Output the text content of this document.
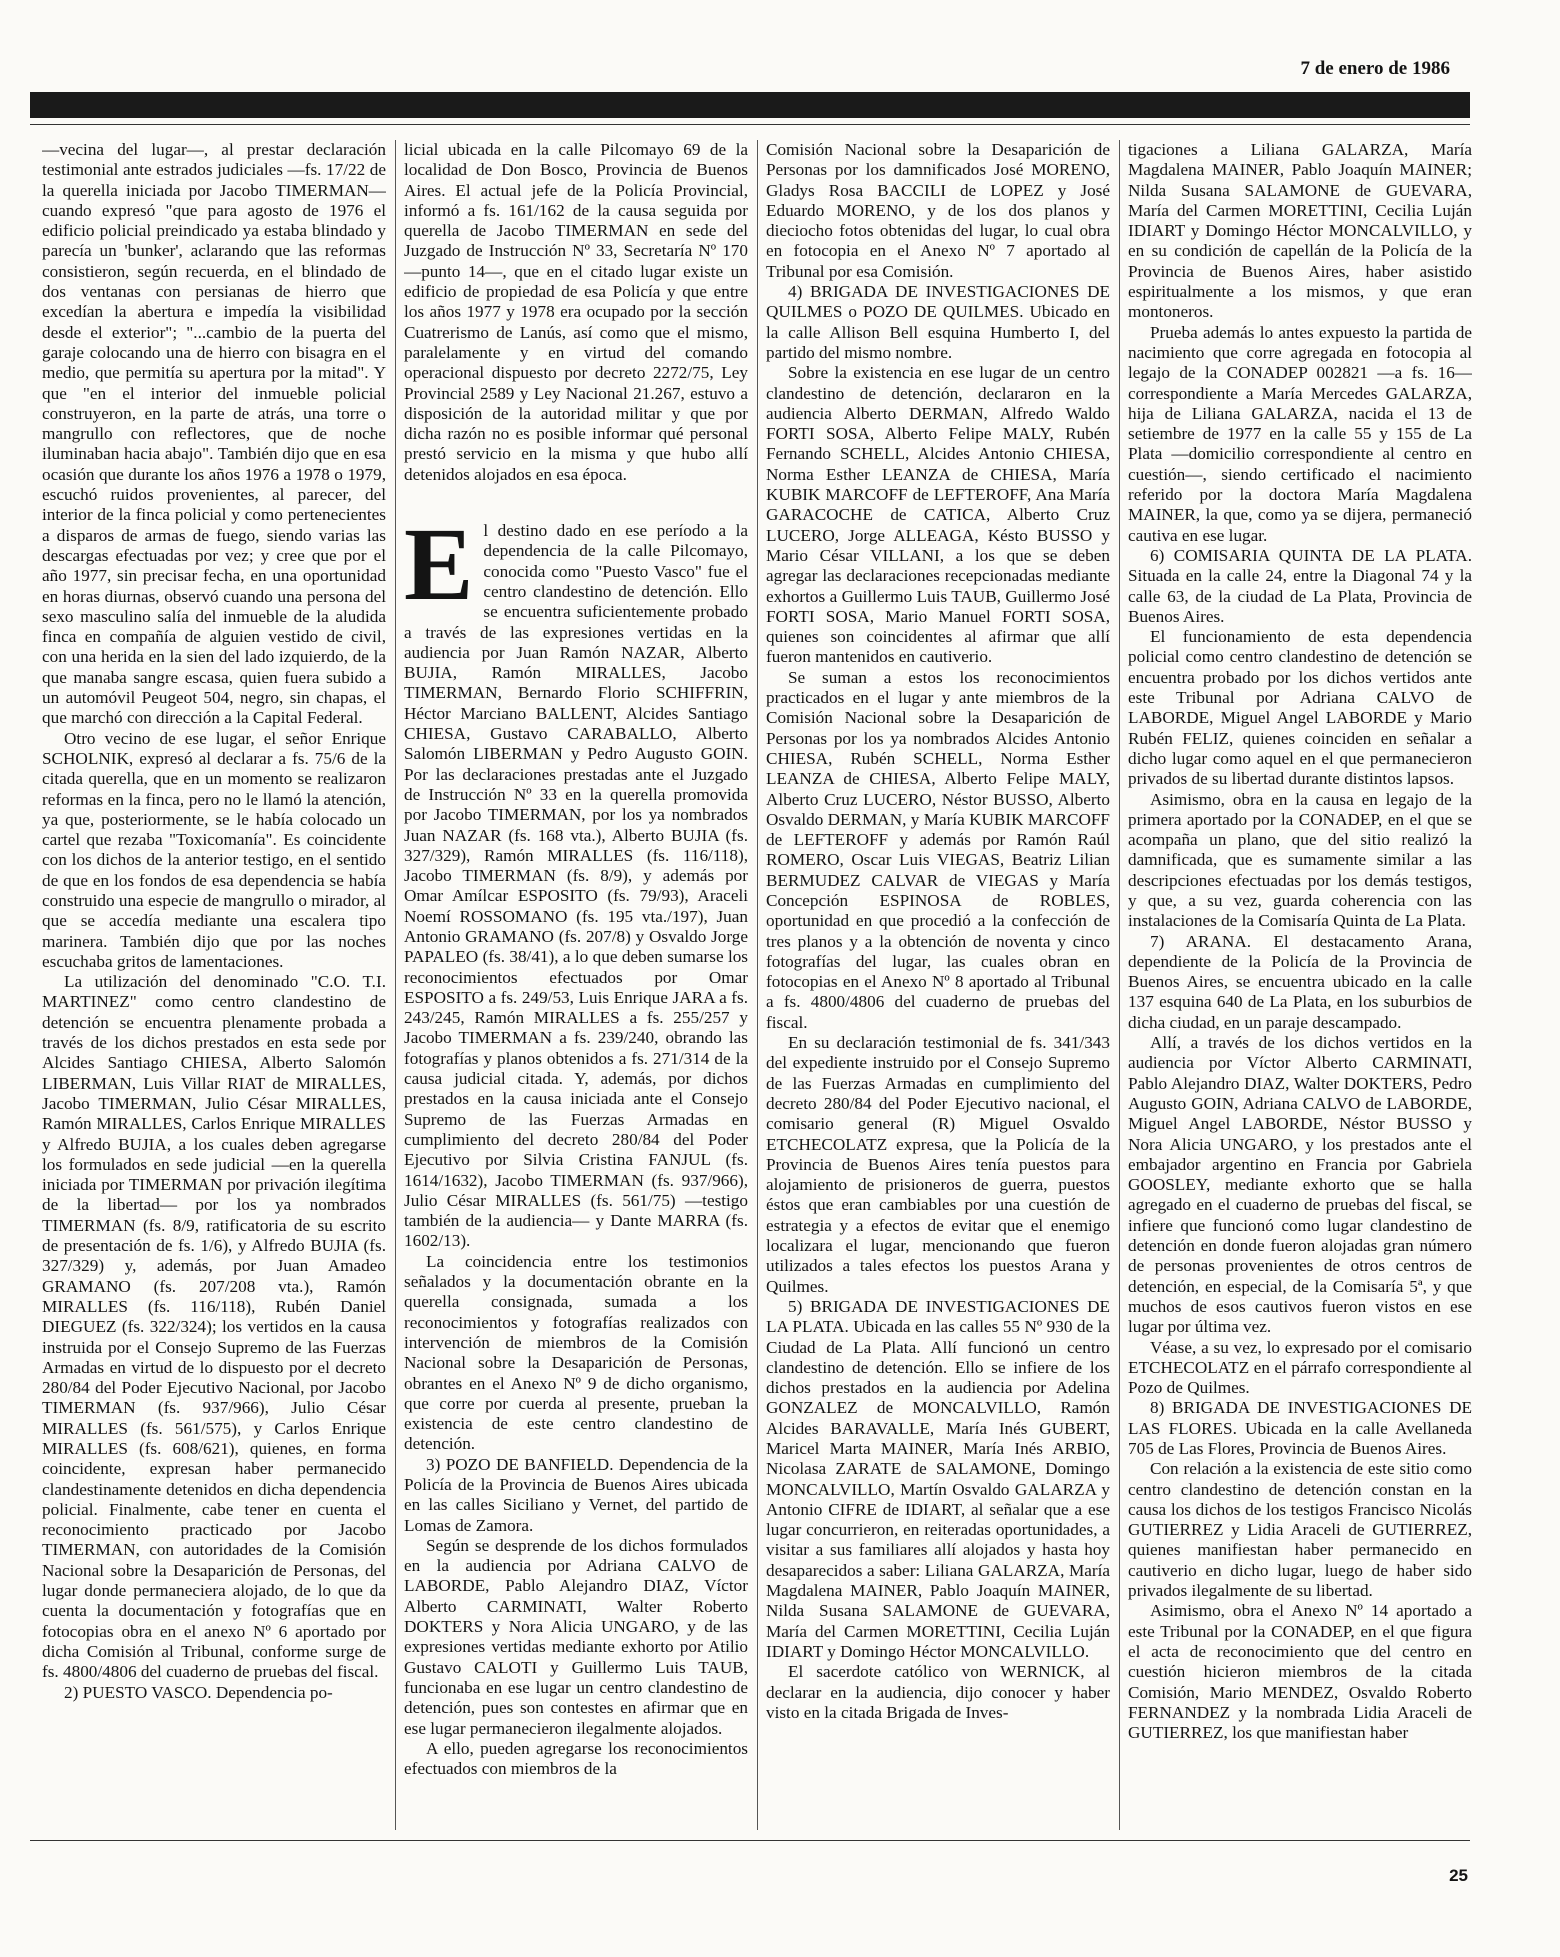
7 de enero de 1986

—vecina del lugar—, al prestar declaración testimonial ante estrados judiciales —fs. 17/22 de la querella iniciada por Jacobo TIMERMAN— cuando expresó "que para agosto de 1976 el edificio policial preindicado ya estaba blindado y parecía un 'bunker', aclarando que las reformas consistieron, según recuerda, en el blindado de dos ventanas con persianas de hierro que excedían la abertura e impedía la visibilidad desde el exterior"; "...cambio de la puerta del garaje colocando una de hierro con bisagra en el medio, que permitía su apertura por la mitad". Y que "en el interior del inmueble policial construyeron, en la parte de atrás, una torre o mangrullo con reflectores, que de noche iluminaban hacia abajo". También dijo que en esa ocasión que durante los años 1976 a 1978 o 1979, escuchó ruidos provenientes, al parecer, del interior de la finca policial y como pertenecientes a disparos de armas de fuego, siendo varias las descargas efectuadas por vez; y cree que por el año 1977, sin precisar fecha, en una oportunidad en horas diurnas, observó cuando una persona del sexo masculino salía del inmueble de la aludida finca en compañía de alguien vestido de civil, con una herida en la sien del lado izquierdo, de la que manaba sangre escasa, quien fuera subido a un automóvil Peugeot 504, negro, sin chapas, el que marchó con dirección a la Capital Federal.

Otro vecino de ese lugar, el señor Enrique SCHOLNIK, expresó al declarar a fs. 75/6 de la citada querella, que en un momento se realizaron reformas en la finca, pero no le llamó la atención, ya que, posteriormente, se le había colocado un cartel que rezaba "Toxicomanía". Es coincidente con los dichos de la anterior testigo, en el sentido de que en los fondos de esa dependencia se había construido una especie de mangrullo o mirador, al que se accedía mediante una escalera tipo marinera. También dijo que por las noches escuchaba gritos de lamentaciones.

La utilización del denominado "C.O. T.I. MARTINEZ" como centro clandestino de detención se encuentra plenamente probada a través de los dichos prestados en esta sede por Alcides Santiago CHIESA, Alberto Salomón LIBERMAN, Luis Villar RIAT de MIRALLES, Jacobo TIMERMAN, Julio César MIRALLES, Ramón MIRALLES, Carlos Enrique MIRALLES y Alfredo BUJIA, a los cuales deben agregarse los formulados en sede judicial —en la querella iniciada por TIMERMAN por privación ilegítima de la libertad— por los ya nombrados TIMERMAN (fs. 8/9, ratificatoria de su escrito de presentación de fs. 1/6), y Alfredo BUJIA (fs. 327/329) y, además, por Juan Amadeo GRAMANO (fs. 207/208 vta.), Ramón MIRALLES (fs. 116/118), Rubén Daniel DIEGUEZ (fs. 322/324); los vertidos en la causa instruida por el Consejo Supremo de las Fuerzas Armadas en virtud de lo dispuesto por el decreto 280/84 del Poder Ejecutivo Nacional, por Jacobo TIMERMAN (fs. 937/966), Julio César MIRALLES (fs. 561/575), y Carlos Enrique MIRALLES (fs. 608/621), quienes, en forma coincidente, expresan haber permanecido clandestinamente detenidos en dicha dependencia policial. Finalmente, cabe tener en cuenta el reconocimiento practicado por Jacobo TIMERMAN, con autoridades de la Comisión Nacional sobre la Desaparición de Personas, del lugar donde permaneciera alojado, de lo que da cuenta la documentación y fotografías que en fotocopias obra en el anexo Nº 6 aportado por dicha Comisión al Tribunal, conforme surge de fs. 4800/4806 del cuaderno de pruebas del fiscal.

2) PUESTO VASCO. Dependencia po-

licial ubicada en la calle Pilcomayo 69 de la localidad de Don Bosco, Provincia de Buenos Aires. El actual jefe de la Policía Provincial, informó a fs. 161/162 de la causa seguida por querella de Jacobo TIMERMAN en sede del Juzgado de Instrucción Nº 33, Secretaría Nº 170 —punto 14—, que en el citado lugar existe un edificio de propiedad de esa Policía y que entre los años 1977 y 1978 era ocupado por la sección Cuatrerismo de Lanús, así como que el mismo, paralelamente y en virtud del comando operacional dispuesto por decreto 2272/75, Ley Provincial 2589 y Ley Nacional 21.267, estuvo a disposición de la autoridad militar y que por dicha razón no es posible informar qué personal prestó servicio en la misma y que hubo allí detenidos alojados en esa época.

E l destino dado en ese período a la dependencia de la calle Pilcomayo, conocida como "Puesto Vasco" fue el centro clandestino de detención. Ello se encuentra suficientemente probado a través de las expresiones vertidas en la audiencia por Juan Ramón NAZAR, Alberto BUJIA, Ramón MIRALLES, Jacobo TIMERMAN, Bernardo Florio SCHIFFRIN, Héctor Marciano BALLENT, Alcides Santiago CHIESA, Gustavo CARABALLO, Alberto Salomón LIBERMAN y Pedro Augusto GOIN. Por las declaraciones prestadas ante el Juzgado de Instrucción Nº 33 en la querella promovida por Jacobo TIMERMAN, por los ya nombrados Juan NAZAR (fs. 168 vta.), Alberto BUJIA (fs. 327/329), Ramón MIRALLES (fs. 116/118), Jacobo TIMERMAN (fs. 8/9), y además por Omar Amílcar ESPOSITO (fs. 79/93), Araceli Noemí ROSSOMANO (fs. 195 vta./197), Juan Antonio GRAMANO (fs. 207/8) y Osvaldo Jorge PAPALEO (fs. 38/41), a lo que deben sumarse los reconocimientos efectuados por Omar ESPOSITO a fs. 249/53, Luis Enrique JARA a fs. 243/245, Ramón MIRALLES a fs. 255/257 y Jacobo TIMERMAN a fs. 239/240, obrando las fotografías y planos obtenidos a fs. 271/314 de la causa judicial citada. Y, además, por dichos prestados en la causa iniciada ante el Consejo Supremo de las Fuerzas Armadas en cumplimiento del decreto 280/84 del Poder Ejecutivo por Silvia Cristina FANJUL (fs. 1614/1632), Jacobo TIMERMAN (fs. 937/966), Julio César MIRALLES (fs. 561/75) —testigo también de la audiencia— y Dante MARRA (fs. 1602/13).

La coincidencia entre los testimonios señalados y la documentación obrante en la querella consignada, sumada a los reconocimientos y fotografías realizados con intervención de miembros de la Comisión Nacional sobre la Desaparición de Personas, obrantes en el Anexo Nº 9 de dicho organismo, que corre por cuerda al presente, prueban la existencia de este centro clandestino de detención.

3) POZO DE BANFIELD. Dependencia de la Policía de la Provincia de Buenos Aires ubicada en las calles Siciliano y Vernet, del partido de Lomas de Zamora.

Según se desprende de los dichos formulados en la audiencia por Adriana CALVO de LABORDE, Pablo Alejandro DIAZ, Víctor Alberto CARMINATI, Walter Roberto DOKTERS y Nora Alicia UNGARO, y de las expresiones vertidas mediante exhorto por Atilio Gustavo CALOTI y Guillermo Luis TAUB, funcionaba en ese lugar un centro clandestino de detención, pues son contestes en afirmar que en ese lugar permanecieron ilegalmente alojados.

A ello, pueden agregarse los reconocimientos efectuados con miembros de la

Comisión Nacional sobre la Desaparición de Personas por los damnificados José MORENO, Gladys Rosa BACCILI de LOPEZ y José Eduardo MORENO, y de los dos planos y dieciocho fotos obtenidas del lugar, lo cual obra en fotocopia en el Anexo Nº 7 aportado al Tribunal por esa Comisión.

4) BRIGADA DE INVESTIGACIONES DE QUILMES o POZO DE QUILMES. Ubicado en la calle Allison Bell esquina Humberto I, del partido del mismo nombre.

Sobre la existencia en ese lugar de un centro clandestino de detención, declararon en la audiencia Alberto DERMAN, Alfredo Waldo FORTI SOSA, Alberto Felipe MALY, Rubén Fernando SCHELL, Alcides Antonio CHIESA, Norma Esther LEANZA de CHIESA, María KUBIK MARCOFF de LEFTEROFF, Ana María GARACOCHE de CATICA, Alberto Cruz LUCERO, Jorge ALLEAGA, Késto BUSSO y Mario César VILLANI, a los que se deben agregar las declaraciones recepcionadas mediante exhortos a Guillermo Luis TAUB, Guillermo José FORTI SOSA, Mario Manuel FORTI SOSA, quienes son coincidentes al afirmar que allí fueron mantenidos en cautiverio.

Se suman a estos los reconocimientos practicados en el lugar y ante miembros de la Comisión Nacional sobre la Desaparición de Personas por los ya nombrados Alcides Antonio CHIESA, Rubén SCHELL, Norma Esther LEANZA de CHIESA, Alberto Felipe MALY, Alberto Cruz LUCERO, Néstor BUSSO, Alberto Osvaldo DERMAN, y María KUBIK MARCOFF de LEFTEROFF y además por Ramón Raúl ROMERO, Oscar Luis VIEGAS, Beatriz Lilian BERMUDEZ CALVAR de VIEGAS y María Concepción ESPINOSA de ROBLES, oportunidad en que procedió a la confección de tres planos y a la obtención de noventa y cinco fotografías del lugar, las cuales obran en fotocopias en el Anexo Nº 8 aportado al Tribunal a fs. 4800/4806 del cuaderno de pruebas del fiscal.

En su declaración testimonial de fs. 341/343 del expediente instruido por el Consejo Supremo de las Fuerzas Armadas en cumplimiento del decreto 280/84 del Poder Ejecutivo nacional, el comisario general (R) Miguel Osvaldo ETCHECOLATZ expresa, que la Policía de la Provincia de Buenos Aires tenía puestos para alojamiento de prisioneros de guerra, puestos éstos que eran cambiables por una cuestión de estrategia y a efectos de evitar que el enemigo localizara el lugar, mencionando que fueron utilizados a tales efectos los puestos Arana y Quilmes.

5) BRIGADA DE INVESTIGACIONES DE LA PLATA. Ubicada en las calles 55 Nº 930 de la Ciudad de La Plata. Allí funcionó un centro clandestino de detención. Ello se infiere de los dichos prestados en la audiencia por Adelina GONZALEZ de MONCALVILLO, Ramón Alcides BARAVALLE, María Inés GUBERT, Maricel Marta MAINER, María Inés ARBIO, Nicolasa ZARATE de SALAMONE, Domingo MONCALVILLO, Martín Osvaldo GALARZA y Antonio CIFRE de IDIART, al señalar que a ese lugar concurrieron, en reiteradas oportunidades, a visitar a sus familiares allí alojados y hasta hoy desaparecidos a saber: Liliana GALARZA, María Magdalena MAINER, Pablo Joaquín MAINER, Nilda Susana SALAMONE de GUEVARA, María del Carmen MORETTINI, Cecilia Luján IDIART y Domingo Héctor MONCALVILLO.

El sacerdote católico von WERNICK, al declarar en la audiencia, dijo conocer y haber visto en la citada Brigada de Inves-

tigaciones a Liliana GALARZA, María Magdalena MAINER, Pablo Joaquín MAINER; Nilda Susana SALAMONE de GUEVARA, María del Carmen MORETTINI, Cecilia Luján IDIART y Domingo Héctor MONCALVILLO, y en su condición de capellán de la Policía de la Provincia de Buenos Aires, haber asistido espiritualmente a los mismos, y que eran montoneros.

Prueba además lo antes expuesto la partida de nacimiento que corre agregada en fotocopia al legajo de la CONADEP 002821 —a fs. 16— correspondiente a María Mercedes GALARZA, hija de Liliana GALARZA, nacida el 13 de setiembre de 1977 en la calle 55 y 155 de La Plata —domicilio correspondiente al centro en cuestión—, siendo certificado el nacimiento referido por la doctora María Magdalena MAINER, la que, como ya se dijera, permaneció cautiva en ese lugar.

6) COMISARIA QUINTA DE LA PLATA. Situada en la calle 24, entre la Diagonal 74 y la calle 63, de la ciudad de La Plata, Provincia de Buenos Aires.

El funcionamiento de esta dependencia policial como centro clandestino de detención se encuentra probado por los dichos vertidos ante este Tribunal por Adriana CALVO de LABORDE, Miguel Angel LABORDE y Mario Rubén FELIZ, quienes coinciden en señalar a dicho lugar como aquel en el que permanecieron privados de su libertad durante distintos lapsos.

Asimismo, obra en la causa en legajo de la primera aportado por la CONADEP, en el que se acompaña un plano, que del sitio realizó la damnificada, que es sumamente similar a las descripciones efectuadas por los demás testigos, y que, a su vez, guarda coherencia con las instalaciones de la Comisaría Quinta de La Plata.

7) ARANA. El destacamento Arana, dependiente de la Policía de la Provincia de Buenos Aires, se encuentra ubicado en la calle 137 esquina 640 de La Plata, en los suburbios de dicha ciudad, en un paraje descampado.

Allí, a través de los dichos vertidos en la audiencia por Víctor Alberto CARMINATI, Pablo Alejandro DIAZ, Walter DOKTERS, Pedro Augusto GOIN, Adriana CALVO de LABORDE, Miguel Angel LABORDE, Néstor BUSSO y Nora Alicia UNGARO, y los prestados ante el embajador argentino en Francia por Gabriela GOOSLEY, mediante exhorto que se halla agregado en el cuaderno de pruebas del fiscal, se infiere que funcionó como lugar clandestino de detención en donde fueron alojadas gran número de personas provenientes de otros centros de detención, en especial, de la Comisaría 5ª, y que muchos de esos cautivos fueron vistos en ese lugar por última vez.

Véase, a su vez, lo expresado por el comisario ETCHECOLATZ en el párrafo correspondiente al Pozo de Quilmes.

8) BRIGADA DE INVESTIGACIONES DE LAS FLORES. Ubicada en la calle Avellaneda 705 de Las Flores, Provincia de Buenos Aires.

Con relación a la existencia de este sitio como centro clandestino de detención constan en la causa los dichos de los testigos Francisco Nicolás GUTIERREZ y Lidia Araceli de GUTIERREZ, quienes manifiestan haber permanecido en cautiverio en dicho lugar, luego de haber sido privados ilegalmente de su libertad.

Asimismo, obra el Anexo Nº 14 aportado a este Tribunal por la CONADEP, en el que figura el acta de reconocimiento que del centro en cuestión hicieron miembros de la citada Comisión, Mario MENDEZ, Osvaldo Roberto FERNANDEZ y la nombrada Lidia Araceli de GUTIERREZ, los que manifiestan haber

25
